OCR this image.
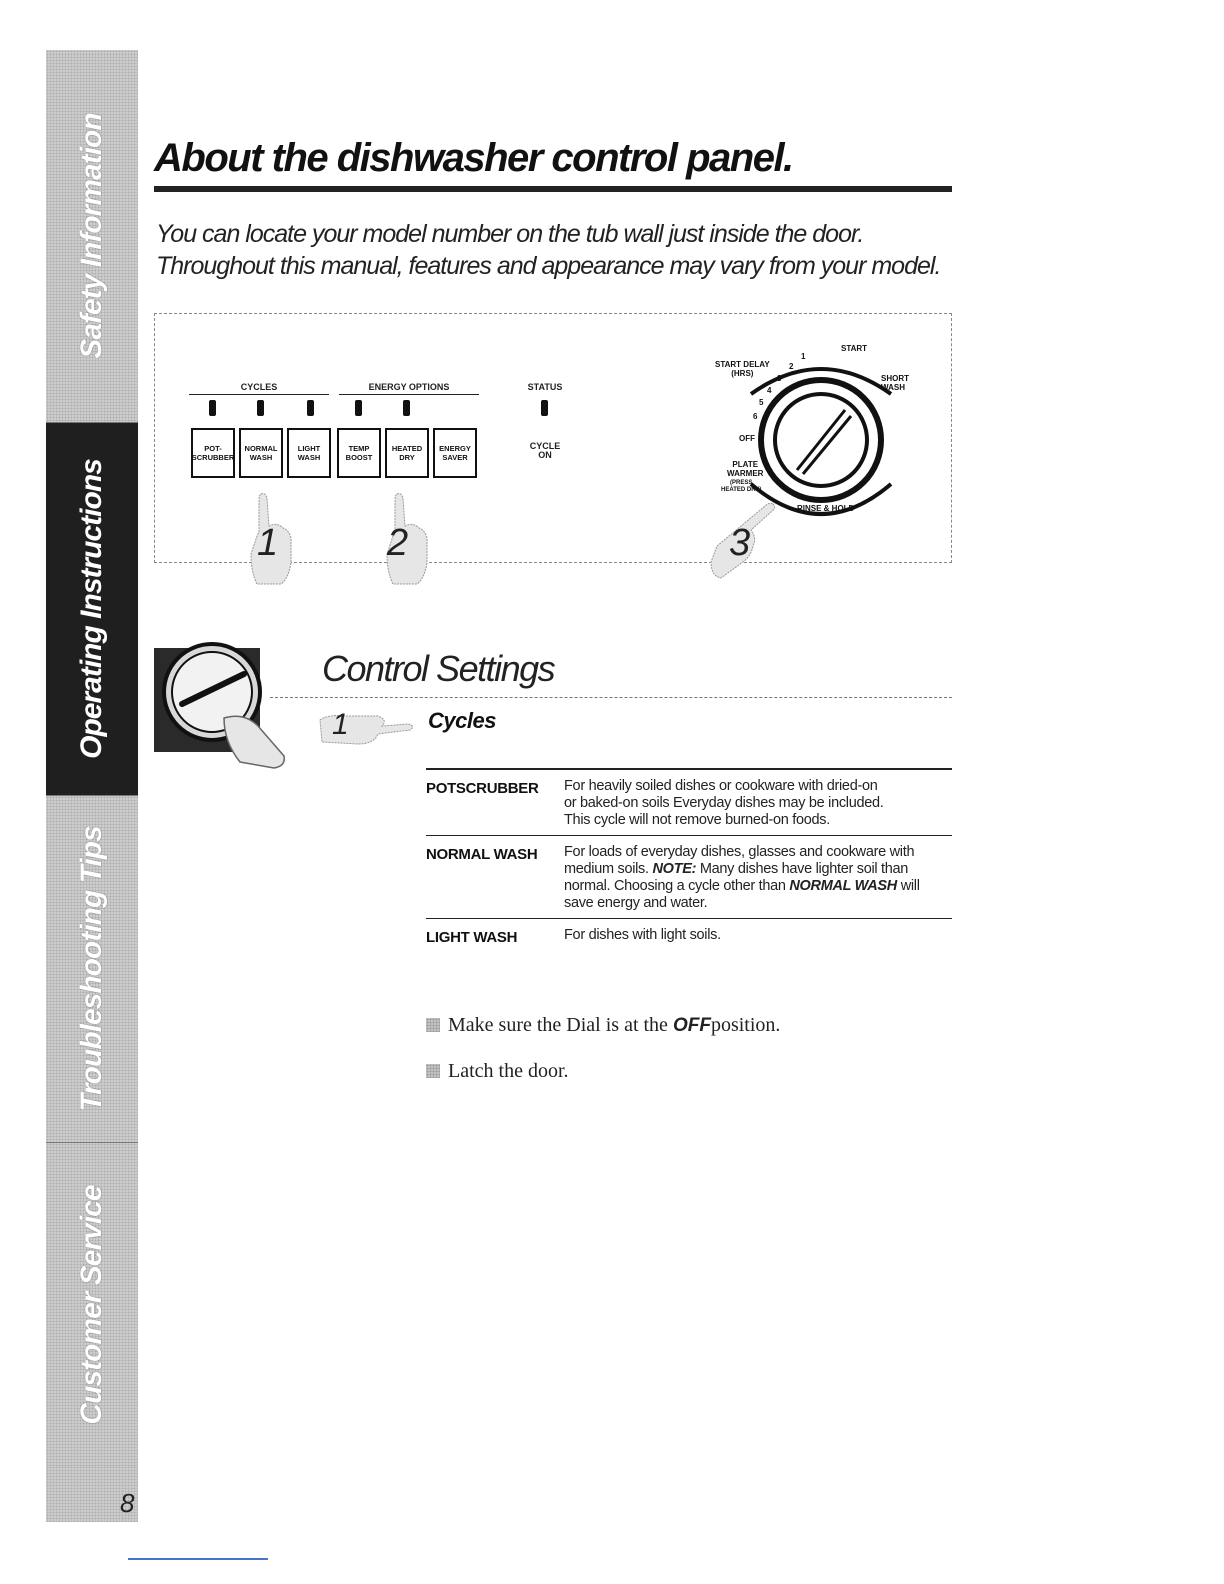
Safety Information
Operating Instructions
Troubleshooting Tips
Customer Service
8
About the dishwasher control panel.

You can locate your model number on the tub wall just inside the door.

Throughout this manual, features and appearance may vary from your model.

CYCLES	ENERGY OPTIONS	STATUS
CYCLE
ON
POT-
SCRUBBER
NORMAL
WASH
LIGHT
WASH
TEMP
BOOST
HEATED
DRY
ENERGY
SAVER
1	2
START
START DELAY
(HRS)
SHORT
WASH
OFF
PLATE
WARMER
(PRESS
HEATED DRY)
RINSE & HOLD
1
2
3
4
5
6
3
Control Settings
1	Cycles
POTSCRUBBER	For heavily soiled dishes or cookware with dried-on
or baked-on soils Everyday dishes may be included.
This cycle will not remove burned-on foods.
NORMAL WASH	For loads of everyday dishes, glasses and cookware with medium soils. NOTE: Many dishes have lighter soil than normal. Choosing a cycle other than NORMAL WASH will save energy and water.
LIGHT WASH	For dishes with light soils.
Make sure the Dial is at the OFFposition.
Latch the door.
